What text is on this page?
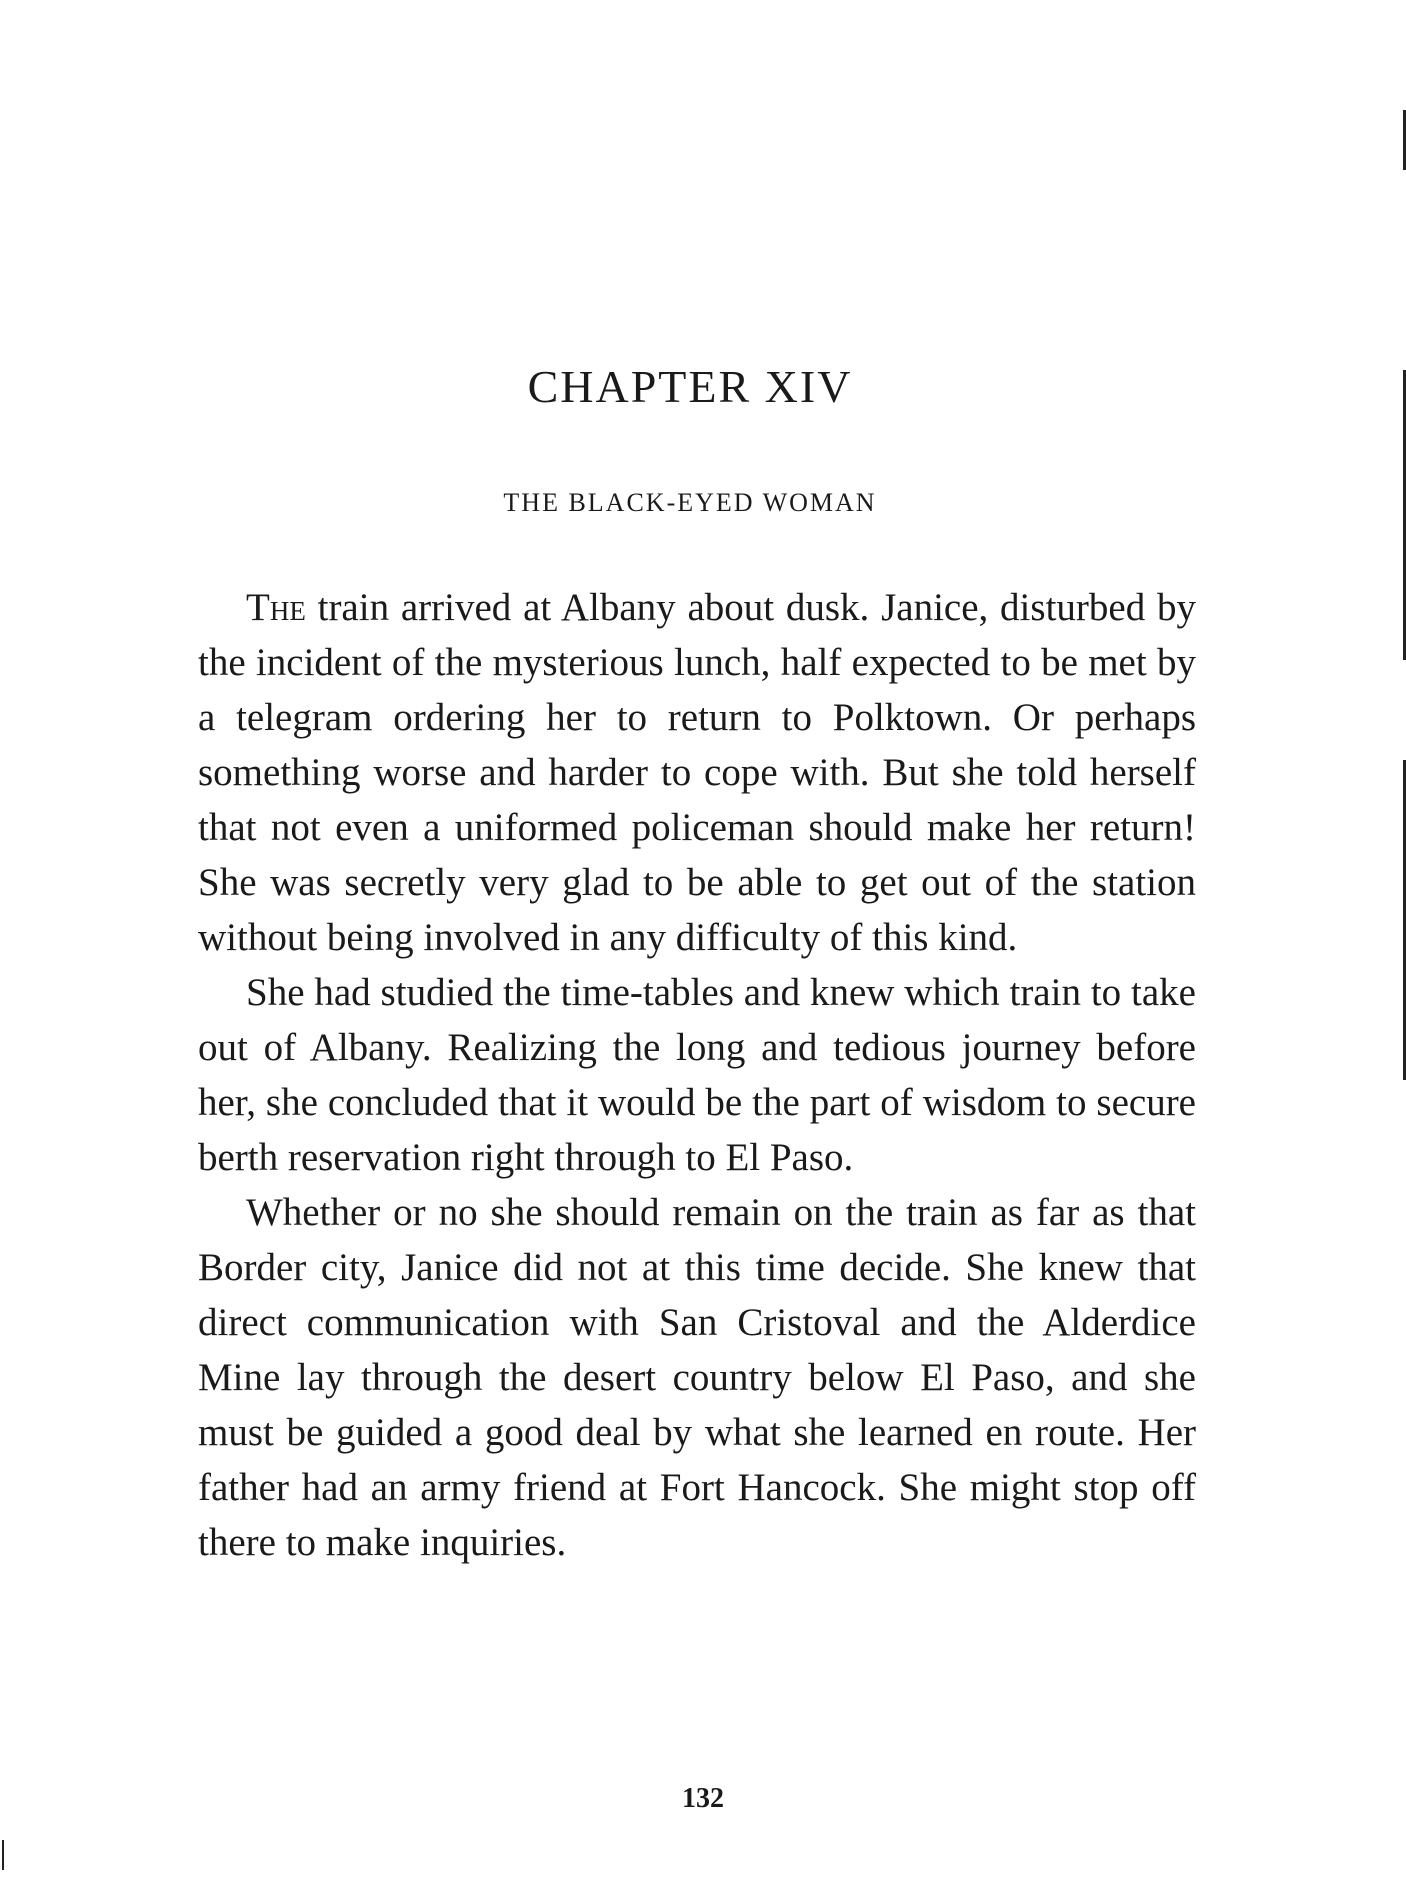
CHAPTER XIV
THE BLACK-EYED WOMAN

The train arrived at Albany about dusk. Janice, disturbed by the incident of the mysterious lunch, half expected to be met by a telegram ordering her to return to Polktown. Or perhaps something worse and harder to cope with. But she told herself that not even a uniformed policeman should make her return! She was secretly very glad to be able to get out of the station without being involved in any difficulty of this kind.

She had studied the time-tables and knew which train to take out of Albany. Realizing the long and tedious journey before her, she concluded that it would be the part of wisdom to secure berth reservation right through to El Paso.

Whether or no she should remain on the train as far as that Border city, Janice did not at this time decide. She knew that direct communication with San Cristoval and the Alderdice Mine lay through the desert country below El Paso, and she must be guided a good deal by what she learned en route. Her father had an army friend at Fort Hancock. She might stop off there to make inquiries.

132
